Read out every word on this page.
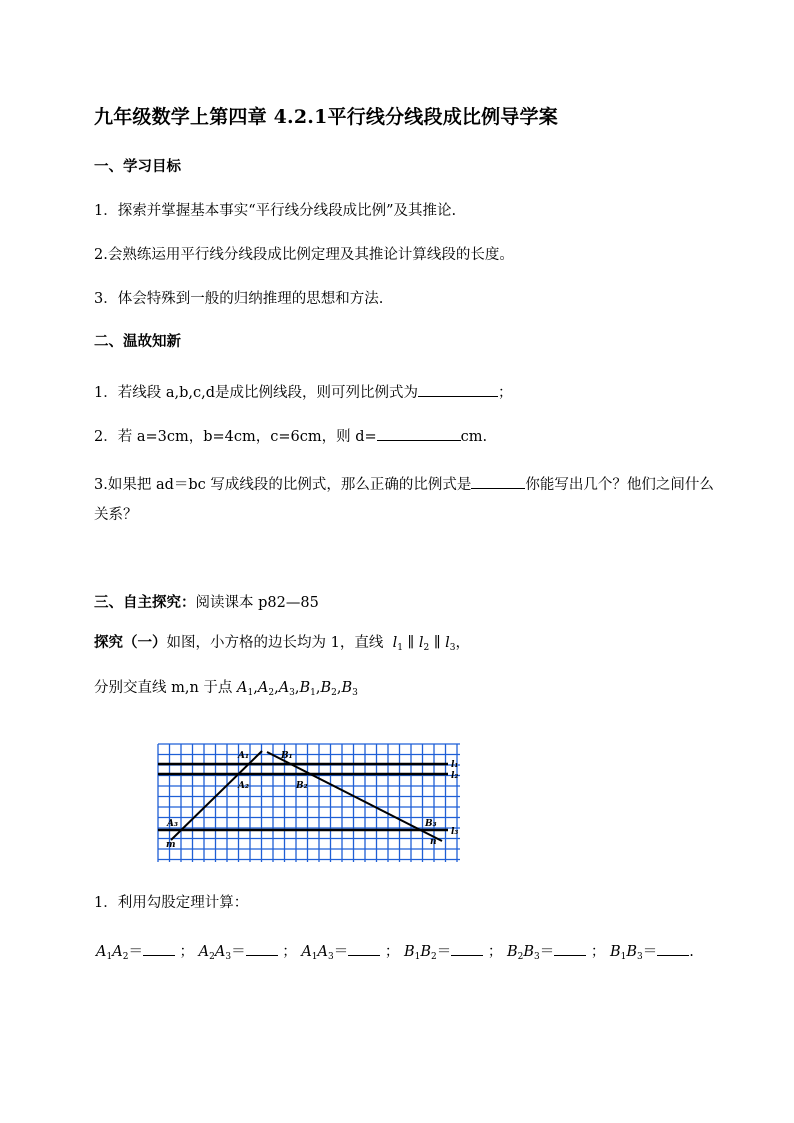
九年级数学上第四章 4.2.1平行线分线段成比例导学案
一、学习目标
1．探索并掌握基本事实“平行线分线段成比例”及其推论.
2.会熟练运用平行线分线段成比例定理及其推论计算线段的长度。
3．体会特殊到一般的归纳推理的思想和方法.
二、温故知新
1．若线段 a,b,c,d是成比例线段，则可列比例式为	；
2．若 a=3cm，b=4cm，c=6cm，则 d=	cm.
3.如果把 ad＝bc 写成线段的比例式，那么正确的比例式是	你能写出几个？他们之间什么关系？
三、自主探究：阅读课本 p82—85
探究（一）如图，小方格的边长均为 1，直线 $l_1$ ∥ $l_2$ ∥ $l_3$，
分别交直线 m,n 于点 $A_1,A_2,A_3,B_1,B_2,B_3$
A₁
A₂
A₃
B₁
B₂
B₃
l₁
l₂
l₃
m	n
1．利用勾股定理计算：
$A_1A_2=$ ； $A_2A_3=$ ； $A_1A_3=$ ； $B_1B_2=$ ； $B_2B_3=$ ； $B_1B_3=$ .
